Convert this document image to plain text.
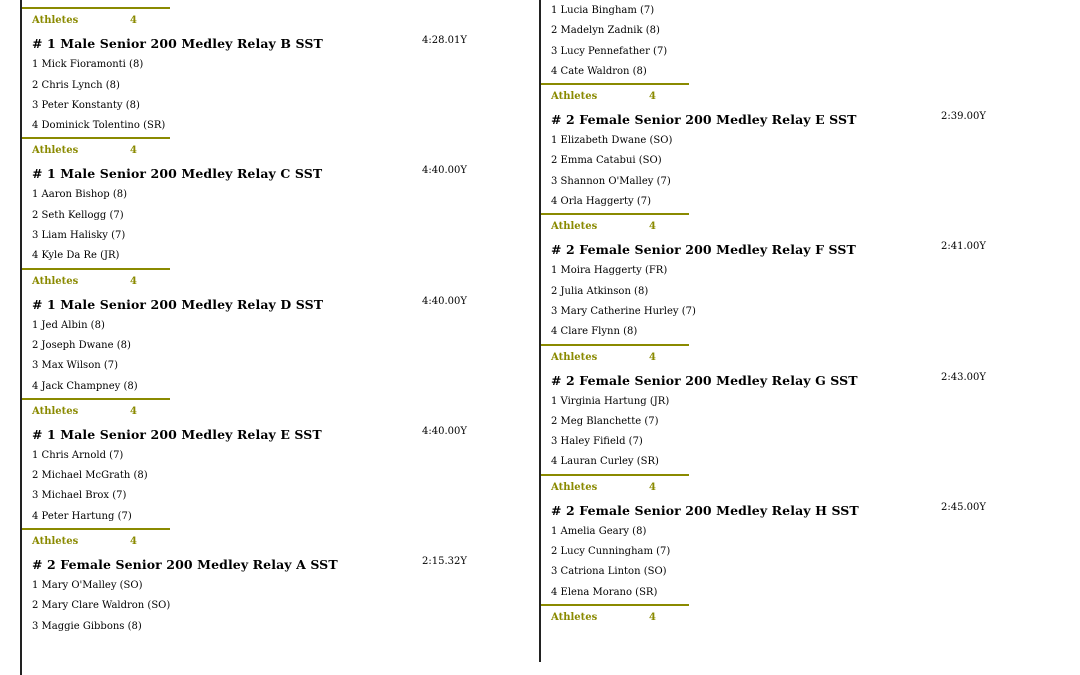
Athletes	4
# 1 Male Senior 200 Medley Relay B SST	4:28.01Y
1 Mick Fioramonti (8)
2 Chris Lynch (8)
3 Peter Konstanty (8)
4 Dominick Tolentino (SR)
Athletes	4
# 1 Male Senior 200 Medley Relay C SST	4:40.00Y
1 Aaron Bishop (8)
2 Seth Kellogg (7)
3 Liam Halisky (7)
4 Kyle Da Re (JR)
Athletes	4
# 1 Male Senior 200 Medley Relay D SST	4:40.00Y
1 Jed Albin (8)
2 Joseph Dwane (8)
3 Max Wilson (7)
4 Jack Champney (8)
Athletes	4
# 1 Male Senior 200 Medley Relay E SST	4:40.00Y
1 Chris Arnold (7)
2 Michael McGrath (8)
3 Michael Brox (7)
4 Peter Hartung (7)
Athletes	4
# 2 Female Senior 200 Medley Relay A SST	2:15.32Y
1 Mary O'Malley (SO)
2 Mary Clare Waldron (SO)
3 Maggie Gibbons (8)
1 Lucia Bingham (7)
2 Madelyn Zadnik (8)
3 Lucy Pennefather (7)
4 Cate Waldron (8)
Athletes	4
# 2 Female Senior 200 Medley Relay E SST	2:39.00Y
1 Elizabeth Dwane (SO)
2 Emma Catabui (SO)
3 Shannon O'Malley (7)
4 Orla Haggerty (7)
Athletes	4
# 2 Female Senior 200 Medley Relay F SST	2:41.00Y
1 Moira Haggerty (FR)
2 Julia Atkinson (8)
3 Mary Catherine Hurley (7)
4 Clare Flynn (8)
Athletes	4
# 2 Female Senior 200 Medley Relay G SST	2:43.00Y
1 Virginia Hartung (JR)
2 Meg Blanchette (7)
3 Haley Fifield (7)
4 Lauran Curley (SR)
Athletes	4
# 2 Female Senior 200 Medley Relay H SST	2:45.00Y
1 Amelia Geary (8)
2 Lucy Cunningham (7)
3 Catriona Linton (SO)
4 Elena Morano (SR)
Athletes	4
